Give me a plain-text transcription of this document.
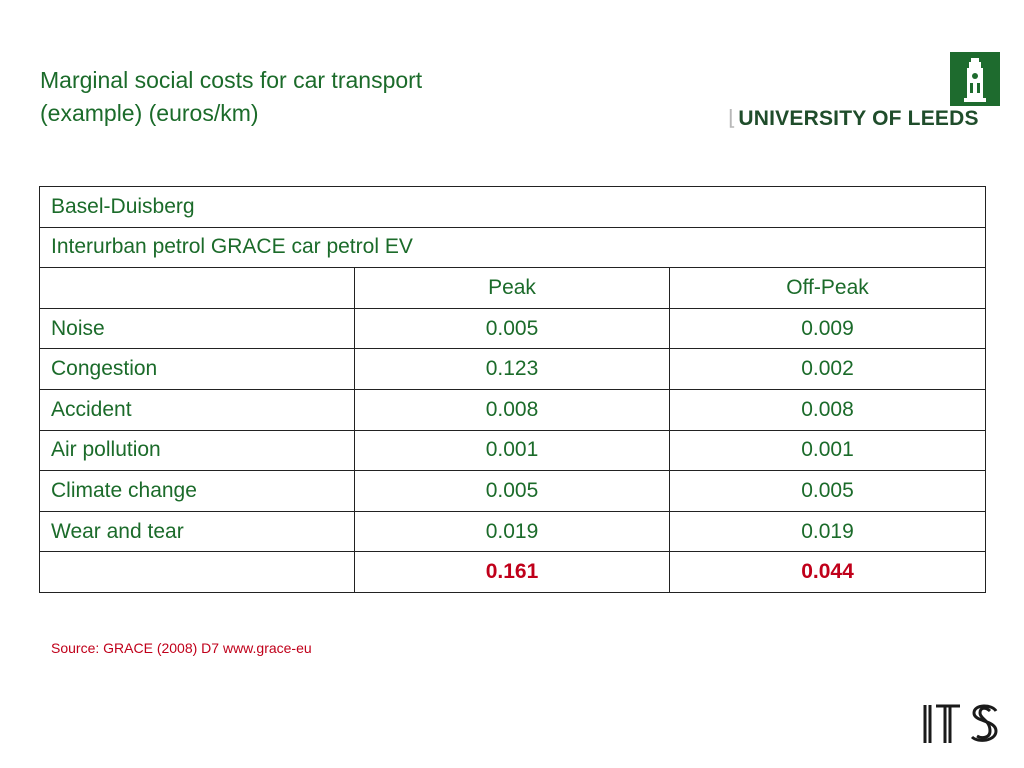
Marginal social costs for car transport
(example) (euros/km)	⌊UNIVERSITY OF LEEDS
Basel-Duisberg		
Interurban petrol GRACE car petrol EV		
	Peak	Off-Peak
Noise	0.005	0.009
Congestion	0.123	0.002
Accident	0.008	0.008
Air pollution	0.001	0.001
Climate change	0.005	0.005
Wear and tear	0.019	0.019
	0.161	0.044
Source: GRACE (2008) D7 www.grace-eu
